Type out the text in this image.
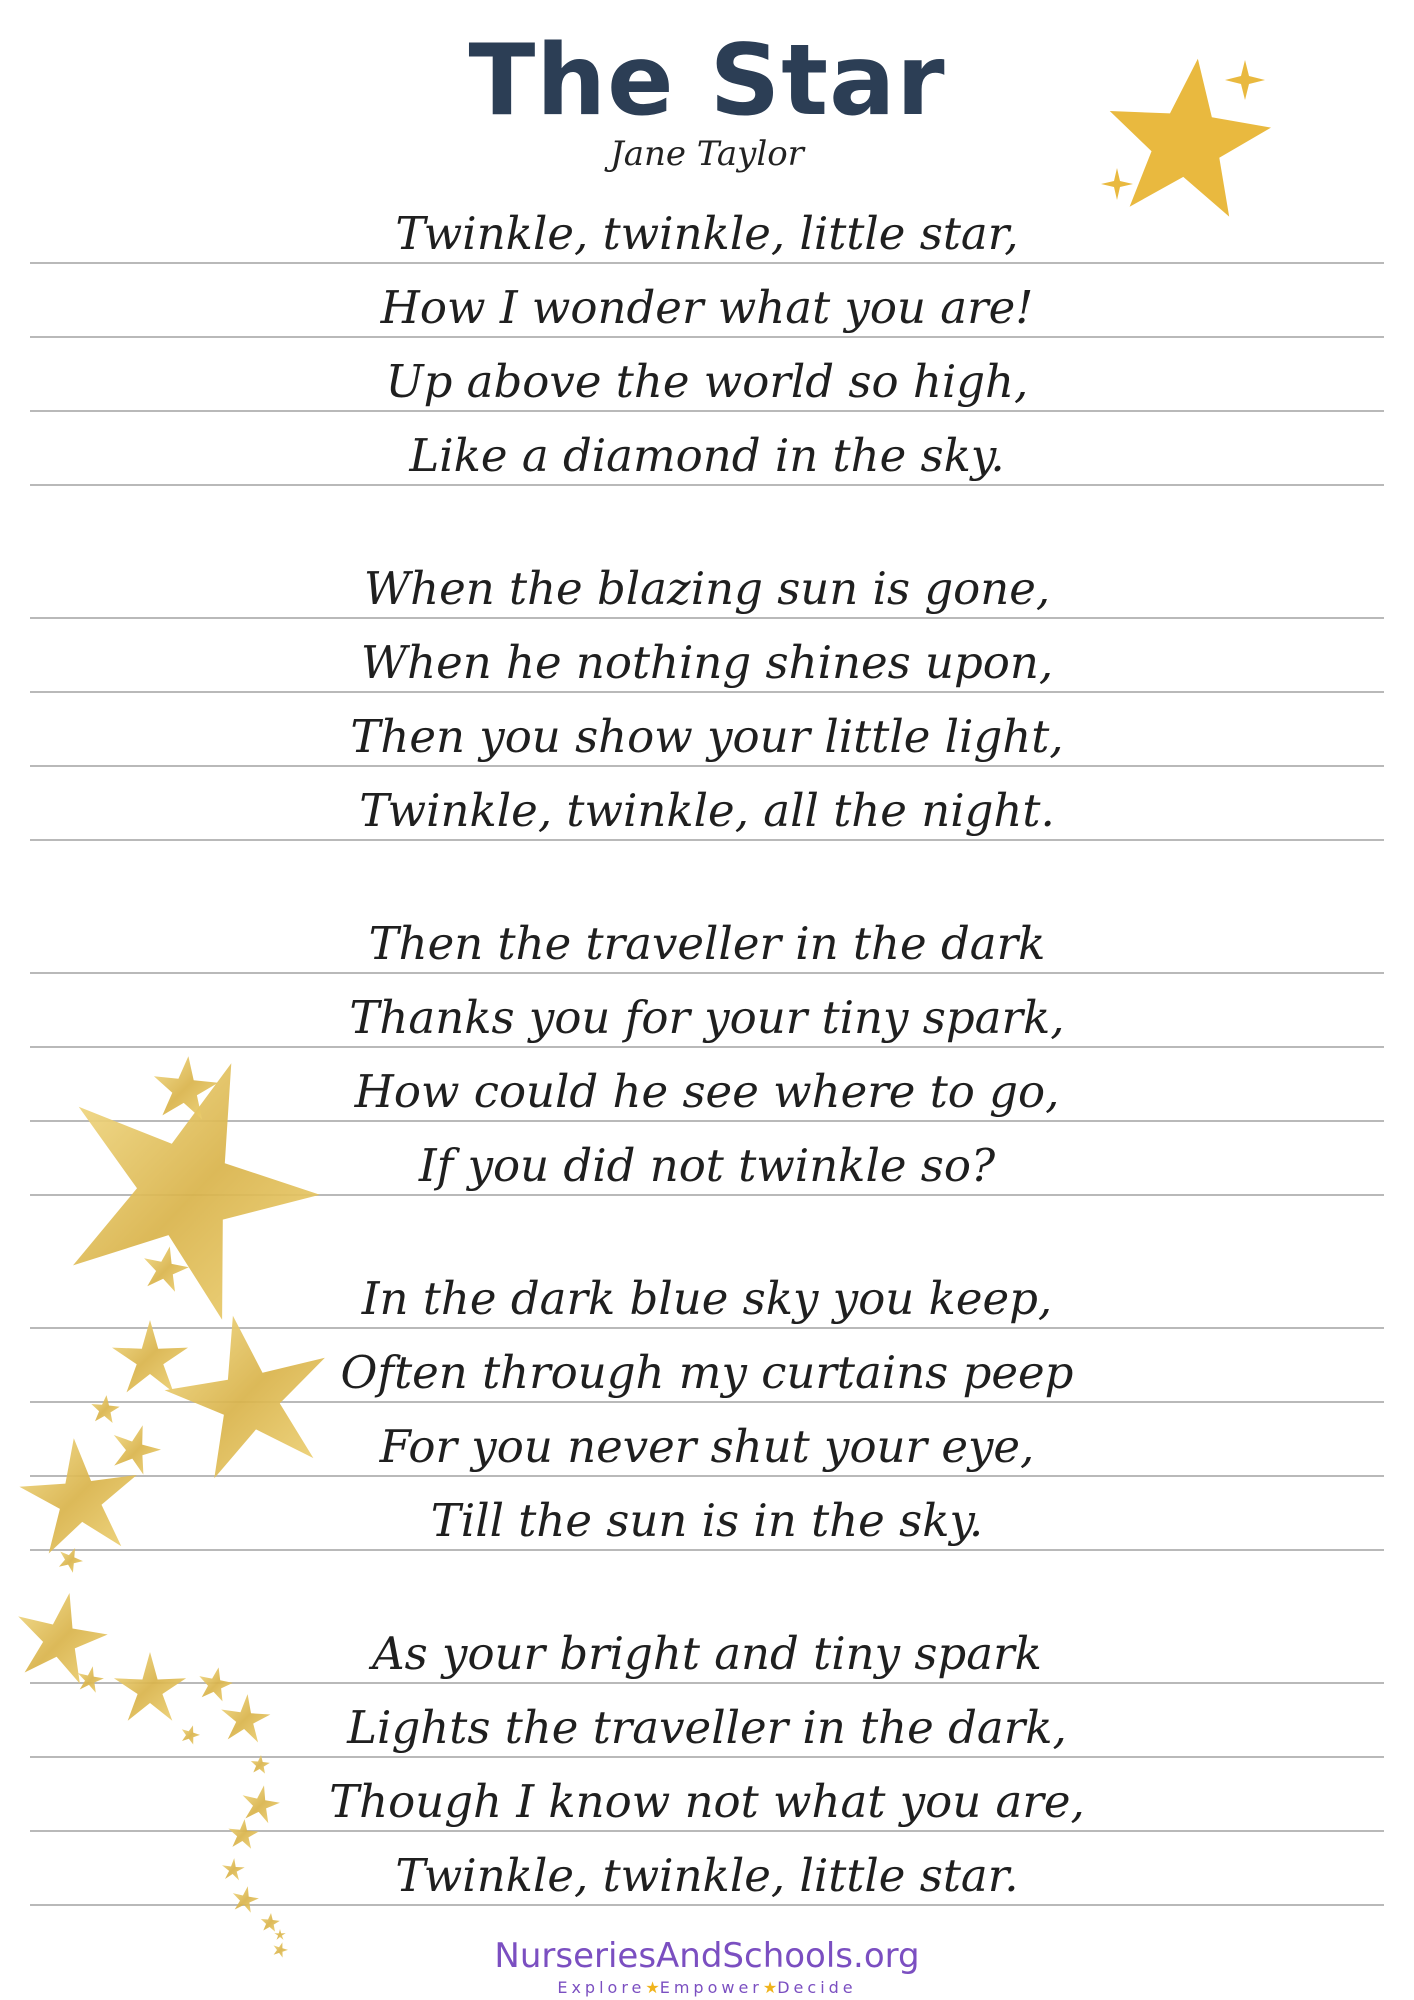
The Star
Jane Taylor
Twinkle, twinkle, little star,
How I wonder what you are!
Up above the world so high,
Like a diamond in the sky.
When the blazing sun is gone,
When he nothing shines upon,
Then you show your little light,
Twinkle, twinkle, all the night.
Then the traveller in the dark
Thanks you for your tiny spark,
How could he see where to go,
If you did not twinkle so?
In the dark blue sky you keep,
Often through my curtains peep
For you never shut your eye,
Till the sun is in the sky.
As your bright and tiny spark
Lights the traveller in the dark,
Though I know not what you are,
Twinkle, twinkle, little star.
NurseriesAndSchools.org
Explore★Empower★Decide
